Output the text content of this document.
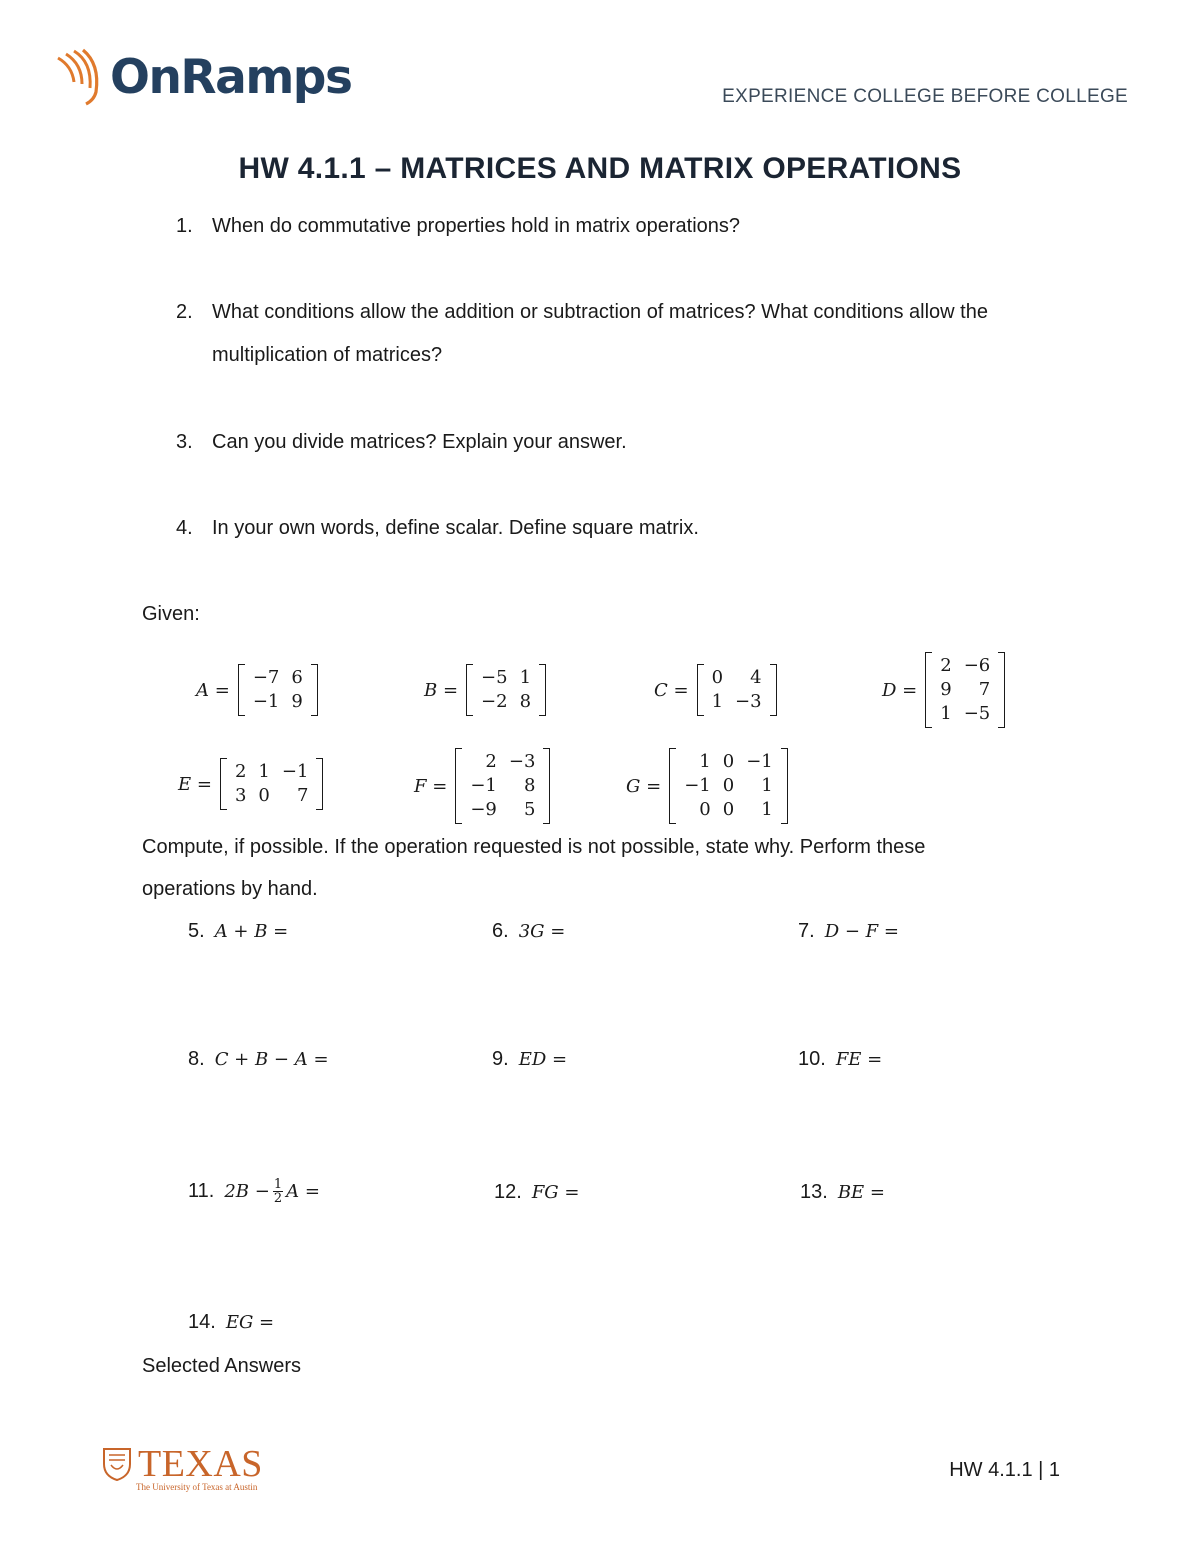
OnRamps	EXPERIENCE COLLEGE BEFORE COLLEGE
HW 4.1.1 – MATRICES AND MATRIX OPERATIONS
1. When do commutative properties hold in matrix operations?
2. What conditions allow the addition or subtraction of matrices? What conditions allow the
multiplication of matrices?
3. Can you divide matrices? Explain your answer.
4. In your own words, define scalar. Define square matrix.
Given:
A =
−7 6
−1 9
B =
−5 1
−2 8
C =
0	4
1 −3
D =
2 −6
9	7
1 −5
E =
2 1 −1
3 0	7	F =
2 −3
−1	8
−9	5
G =
1 0 −1
−1 0	1
0 0	1
Compute, if possible. If the operation requested is not possible, state why. Perform these
operations by hand.
5. A + B =	6. 3G =	7. D − F =
8. C + B − A =	9. ED =	10. FE =
11. $2B - \frac{1}{2}$ A =	12. FG =	13. BE =
14. EG =
Selected Answers
TEXAS
The University of Texas at Austin
HW 4.1.1 | 1
